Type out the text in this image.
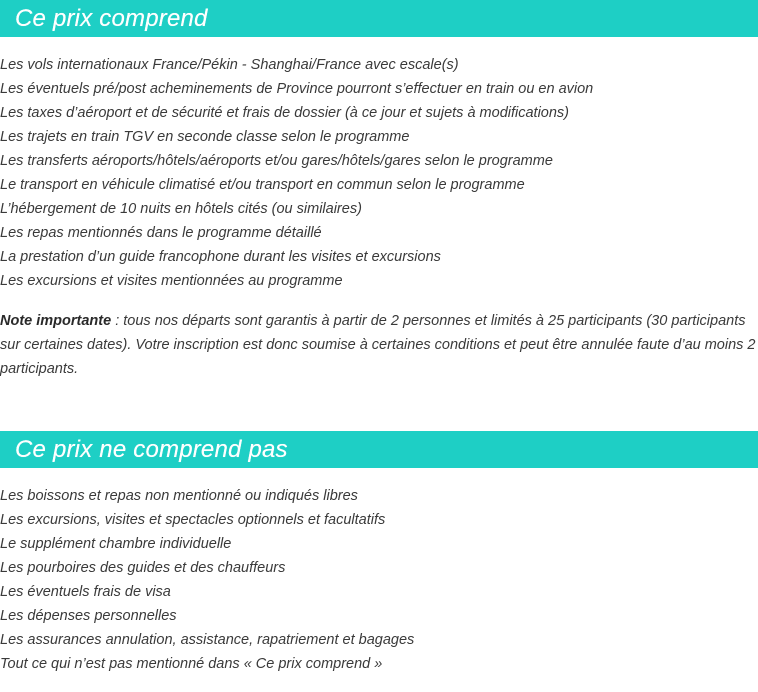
Ce prix comprend
Les vols internationaux France/Pékin - Shanghai/France avec escale(s)
Les éventuels pré/post acheminements de Province pourront s’effectuer en train ou en avion
Les taxes d’aéroport et de sécurité et frais de dossier (à ce jour et sujets à modifications)
Les trajets en train TGV en seconde classe selon le programme
Les transferts aéroports/hôtels/aéroports et/ou gares/hôtels/gares selon le programme
Le transport en véhicule climatisé et/ou transport en commun selon le programme
L’hébergement de 10 nuits en hôtels cités (ou similaires)
Les repas mentionnés dans le programme détaillé
La prestation d’un guide francophone durant les visites et excursions
Les excursions et visites mentionnées au programme

Note importante : tous nos départs sont garantis à partir de 2 personnes et limités à 25 participants (30 participants sur certaines dates). Votre inscription est donc soumise à certaines conditions et peut être annulée faute d’au moins 2 participants.

Ce prix ne comprend pas
Les boissons et repas non mentionné ou indiqués libres
Les excursions, visites et spectacles optionnels et facultatifs
Le supplément chambre individuelle
Les pourboires des guides et des chauffeurs
Les éventuels frais de visa
Les dépenses personnelles
Les assurances annulation, assistance, rapatriement et bagages
Tout ce qui n’est pas mentionné dans « Ce prix comprend »
